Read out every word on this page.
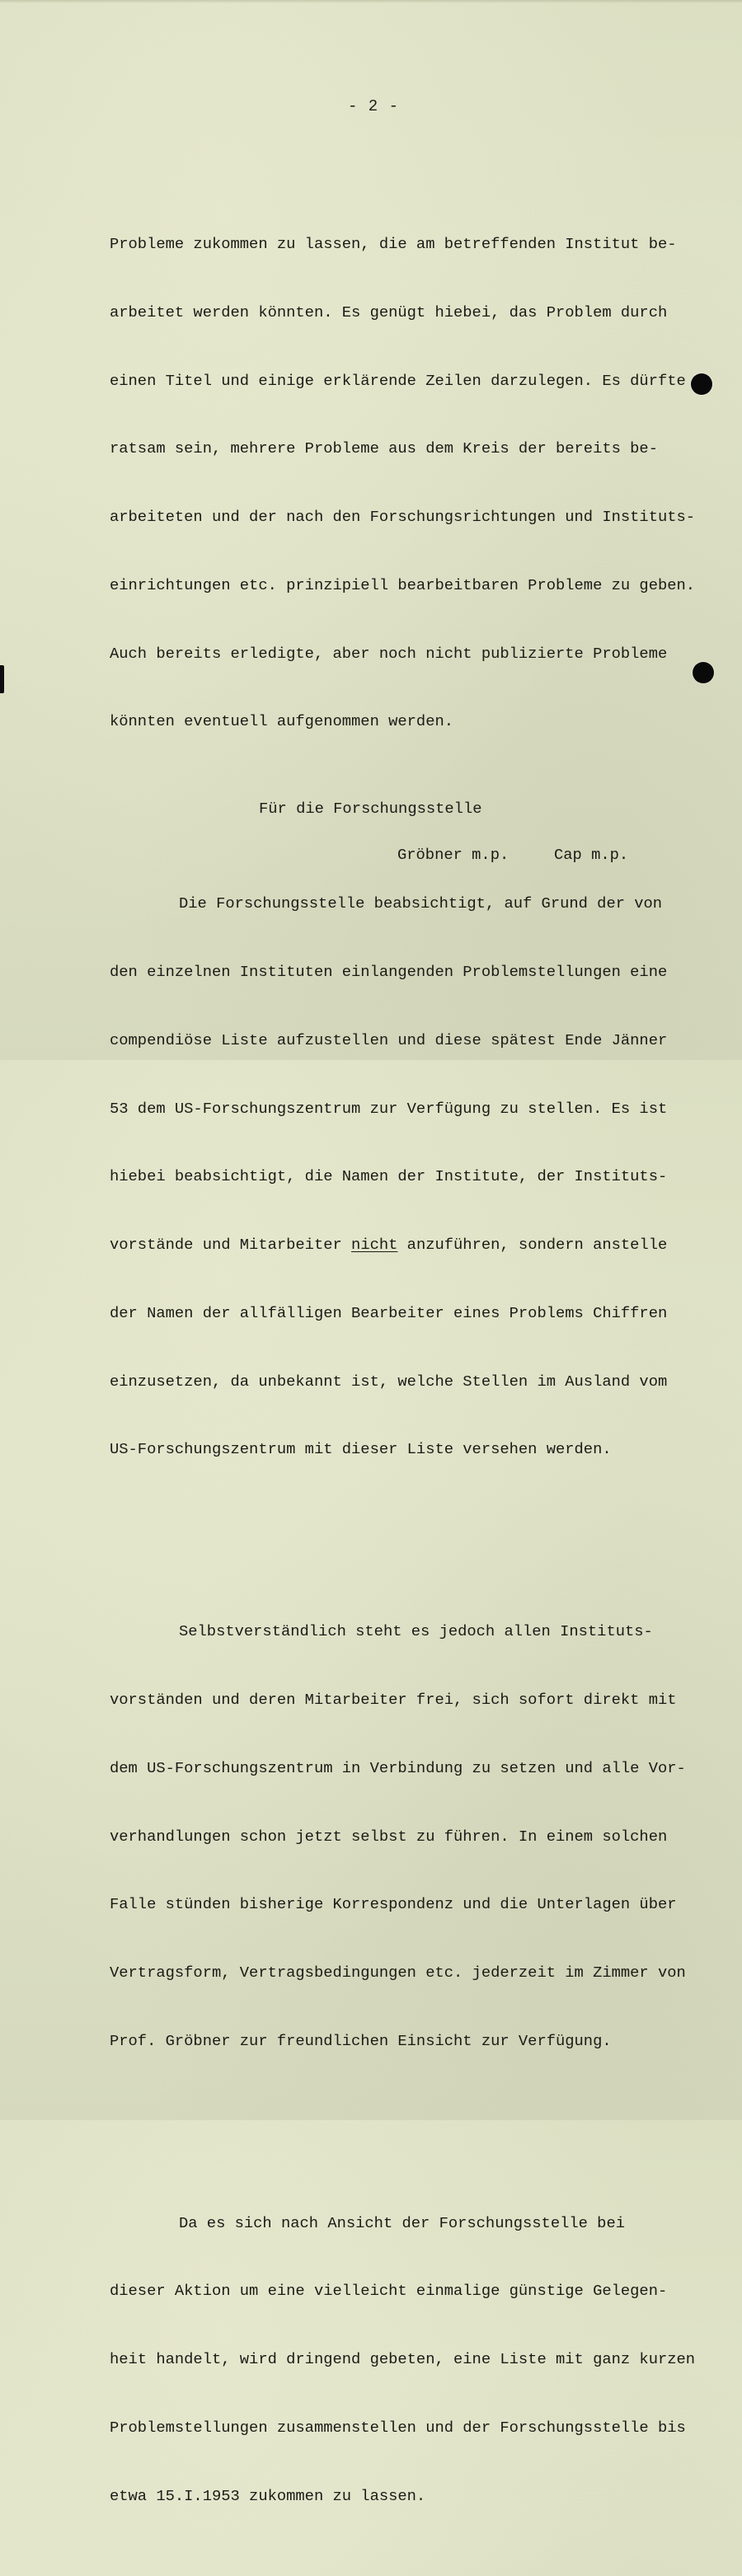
- 2 -

Probleme zukommen zu lassen, die am betreffenden Institut be-

arbeitet werden könnten. Es genügt hiebei, das Problem durch

einen Titel und einige erklärende Zeilen darzulegen. Es dürfte

ratsam sein, mehrere Probleme aus dem Kreis der bereits be-

arbeiteten und der nach den Forschungsrichtungen und Instituts-

einrichtungen etc. prinzipiell bearbeitbaren Probleme zu geben.

Auch bereits erledigte, aber noch nicht publizierte Probleme

könnten eventuell aufgenommen werden.

Die Forschungsstelle beabsichtigt, auf Grund der von

den einzelnen Instituten einlangenden Problemstellungen eine

compendiöse Liste aufzustellen und diese spätest Ende Jänner

53 dem US-Forschungszentrum zur Verfügung zu stellen. Es ist

hiebei beabsichtigt, die Namen der Institute, der Instituts-

vorstände und Mitarbeiter nicht anzuführen, sondern anstelle

der Namen der allfälligen Bearbeiter eines Problems Chiffren

einzusetzen, da unbekannt ist, welche Stellen im Ausland vom

US-Forschungszentrum mit dieser Liste versehen werden.

Selbstverständlich steht es jedoch allen Instituts-

vorständen und deren Mitarbeiter frei, sich sofort direkt mit

dem US-Forschungszentrum in Verbindung zu setzen und alle Vor-

verhandlungen schon jetzt selbst zu führen. In einem solchen

Falle stünden bisherige Korrespondenz und die Unterlagen über

Vertragsform, Vertragsbedingungen etc. jederzeit im Zimmer von

Prof. Gröbner zur freundlichen Einsicht zur Verfügung.

Da es sich nach Ansicht der Forschungsstelle bei

dieser Aktion um eine vielleicht einmalige günstige Gelegen-

heit handelt, wird dringend gebeten, eine Liste mit ganz kurzen

Problemstellungen zusammenstellen und der Forschungsstelle bis

etwa 15.I.1953 zukommen zu lassen.

Für die Forschungsstelle
Gröbner m.p.	Cap m.p.
